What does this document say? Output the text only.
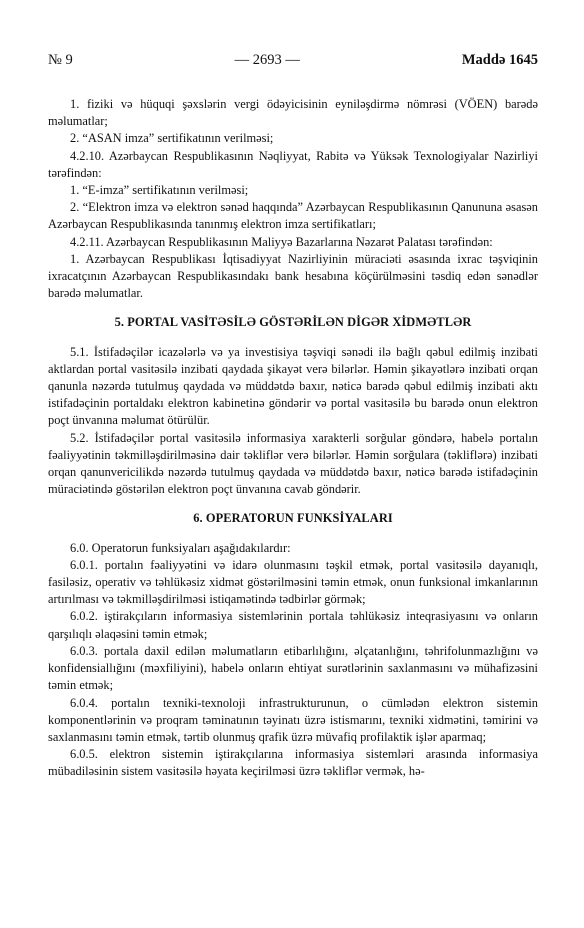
№ 9	— 2693 —	Maddə 1645

1. fiziki və hüquqi şəxslərin vergi ödəyicisinin eyniləşdirmə nömrəsi (VÖEN) barədə məlumatlar;

2. “ASAN imza” sertifikatının verilməsi;

4.2.10. Azərbaycan Respublikasının Nəqliyyat, Rabitə və Yüksək Texnologiyalar Nazirliyi tərəfindən:

1. “E-imza” sertifikatının verilməsi;

2. “Elektron imza və elektron sənəd haqqında” Azərbaycan Respublikasının Qanununa əsasən Azərbaycan Respublikasında tanınmış elektron imza sertifikatları;

4.2.11. Azərbaycan Respublikasının Maliyyə Bazarlarına Nəzarət Palatası tərəfindən:

1. Azərbaycan Respublikası İqtisadiyyat Nazirliyinin müraciəti əsasında ixrac təşviqinin ixracatçının Azərbaycan Respublikasındakı bank hesabına köçürülməsini təsdiq edən sənədlər barədə məlumatlar.

5. PORTAL VASİTƏSİLƏ GÖSTƏRİLƏN DİGƏR XİDMƏTLƏR

5.1. İstifadəçilər icazələrlə və ya investisiya təşviqi sənədi ilə bağlı qəbul edilmiş inzibati aktlardan portal vasitəsilə inzibati qaydada şikayət verə bilərlər. Həmin şikayətlərə inzibati orqan qanunla nəzərdə tutulmuş qaydada və müddətdə baxır, nəticə barədə qəbul edilmiş inzibati aktı istifadəçinin portaldakı elektron kabinetinə göndərir və portal vasitəsilə bu barədə onun elektron poçt ünvanına məlumat ötürülür.

5.2. İstifadəçilər portal vasitəsilə informasiya xarakterli sorğular göndərə, habelə portalın fəaliyyətinin təkmilləşdirilməsinə dair təkliflər verə bilərlər. Həmin sorğulara (təkliflərə) inzibati orqan qanunvericilikdə nəzərdə tutulmuş qaydada və müddətdə baxır, nəticə barədə istifadəçinin müraciətində göstərilən elektron poçt ünvanına cavab göndərir.

6. OPERATORUN FUNKSİYALARI

6.0. Operatorun funksiyaları aşağıdakılardır:

6.0.1. portalın fəaliyyətini və idarə olunmasını təşkil etmək, portal vasitəsilə dayanıqlı, fasiləsiz, operativ və təhlükəsiz xidmət göstərilməsini təmin etmək, onun funksional imkanlarının artırılması və təkmilləşdirilməsi istiqamətində tədbirlər görmək;

6.0.2. iştirakçıların informasiya sistemlərinin portala təhlükəsiz inteqrasiyasını və onların qarşılıqlı əlaqəsini təmin etmək;

6.0.3. portala daxil edilən məlumatların etibarlılığını, əlçatanlığını, təhrifolunmazlığını və konfidensiallığını (məxfiliyini), habelə onların ehtiyat surətlərinin saxlanmasını və mühafizəsini təmin etmək;

6.0.4. portalın texniki-texnoloji infrastrukturunun, o cümlədən elektron sistemin komponentlərinin və proqram təminatının təyinatı üzrə istismarını, texniki xidmətini, təmirini və saxlanmasını təmin etmək, tərtib olunmuş qrafik üzrə müvafiq profilaktik işlər aparmaq;

6.0.5. elektron sistemin iştirakçılarına informasiya sistemləri arasında informasiya mübadiləsinin sistem vasitəsilə həyata keçirilməsi üzrə təkliflər vermək, hə-
